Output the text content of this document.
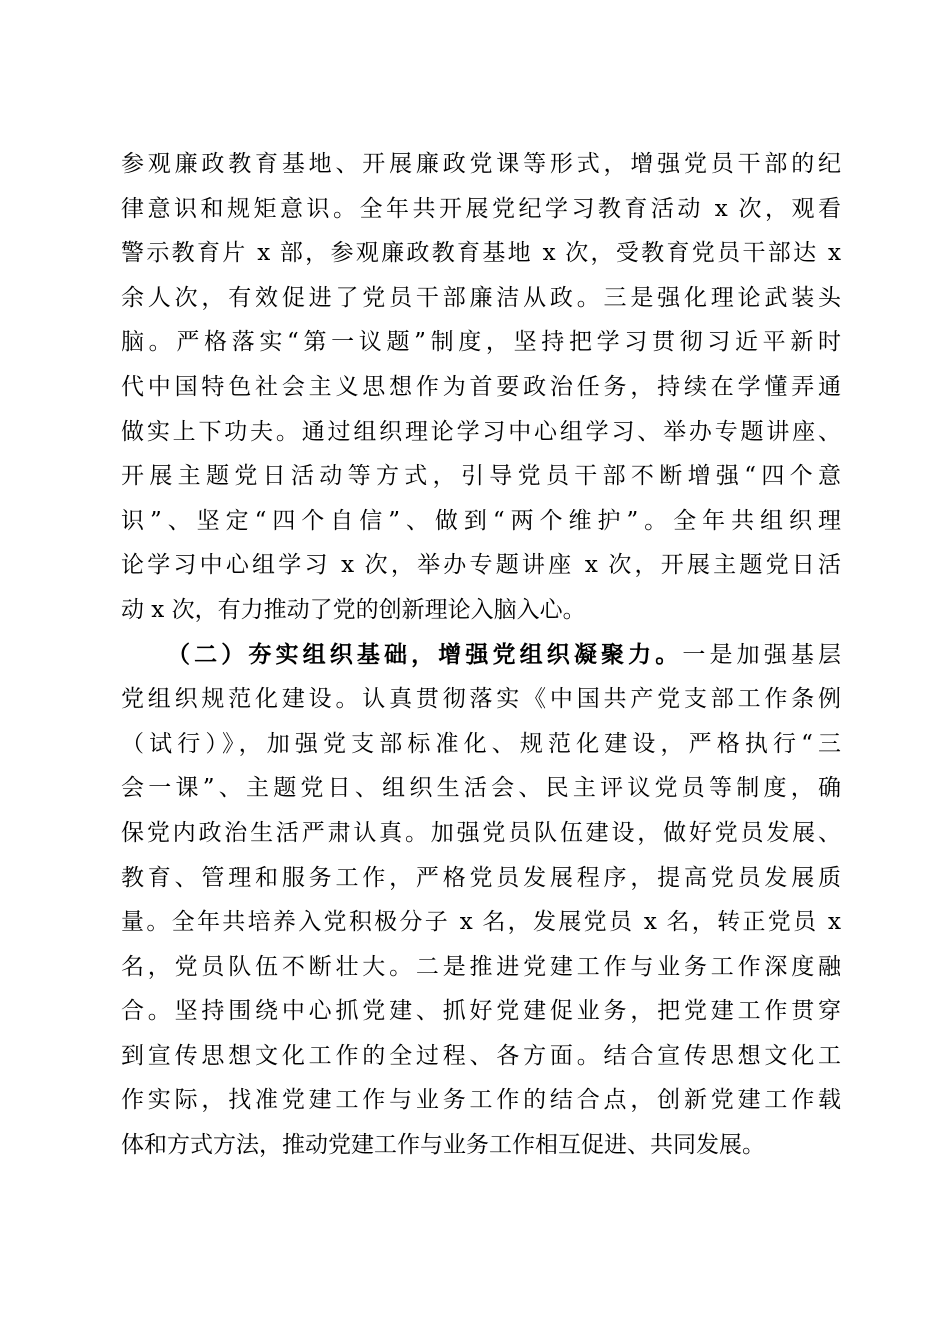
参观廉政教育基地、开展廉政党课等形式，增强党员干部的纪
律意识和规矩意识。全年共开展党纪学习教育活动 x 次，观看
警示教育片 x 部，参观廉政教育基地 x 次，受教育党员干部达 x
余人次，有效促进了党员干部廉洁从政。三是强化理论武装头
脑。严格落实“第一议题”制度，坚持把学习贯彻习近平新时
代中国特色社会主义思想作为首要政治任务，持续在学懂弄通
做实上下功夫。通过组织理论学习中心组学习、举办专题讲座、
开展主题党日活动等方式，引导党员干部不断增强“四个意
识”、坚定“四个自信”、做到“两个维护”。全年共组织理
论学习中心组学习 x 次，举办专题讲座 x 次，开展主题党日活
动 x 次，有力推动了党的创新理论入脑入心。
（二）夯实组织基础，增强党组织凝聚力。一是加强基层
党组织规范化建设。认真贯彻落实《中国共产党支部工作条例
（试行）》，加强党支部标准化、规范化建设，严格执行“三
会一课”、主题党日、组织生活会、民主评议党员等制度，确
保党内政治生活严肃认真。加强党员队伍建设，做好党员发展、
教育、管理和服务工作，严格党员发展程序，提高党员发展质
量。全年共培养入党积极分子 x 名，发展党员 x 名，转正党员 x
名，党员队伍不断壮大。二是推进党建工作与业务工作深度融
合。坚持围绕中心抓党建、抓好党建促业务，把党建工作贯穿
到宣传思想文化工作的全过程、各方面。结合宣传思想文化工
作实际，找准党建工作与业务工作的结合点，创新党建工作载
体和方式方法，推动党建工作与业务工作相互促进、共同发展。
